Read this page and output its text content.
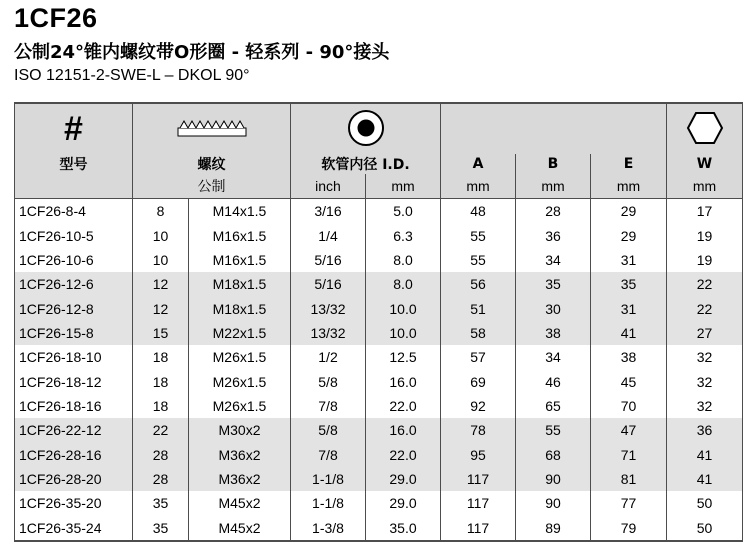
1CF26
公制24°锥内螺纹带O形圈 - 轻系列 - 90°接头
ISO 12151-2-SWE-L – DKOL 90°
#						
型号	螺纹		软管内径 I.D.		A	B	E	W
	公制		inch	mm	mm	mm	mm	mm
1CF26-8-4	8	M14x1.5	3/16	5.0	48	28	29	17
1CF26-10-5	10	M16x1.5	1/4	6.3	55	36	29	19
1CF26-10-6	10	M16x1.5	5/16	8.0	55	34	31	19
1CF26-12-6	12	M18x1.5	5/16	8.0	56	35	35	22
1CF26-12-8	12	M18x1.5	13/32	10.0	51	30	31	22
1CF26-15-8	15	M22x1.5	13/32	10.0	58	38	41	27
1CF26-18-10	18	M26x1.5	1/2	12.5	57	34	38	32
1CF26-18-12	18	M26x1.5	5/8	16.0	69	46	45	32
1CF26-18-16	18	M26x1.5	7/8	22.0	92	65	70	32
1CF26-22-12	22	M30x2	5/8	16.0	78	55	47	36
1CF26-28-16	28	M36x2	7/8	22.0	95	68	71	41
1CF26-28-20	28	M36x2	1-1/8	29.0	117	90	81	41
1CF26-35-20	35	M45x2	1-1/8	29.0	117	90	77	50
1CF26-35-24	35	M45x2	1-3/8	35.0	117	89	79	50
